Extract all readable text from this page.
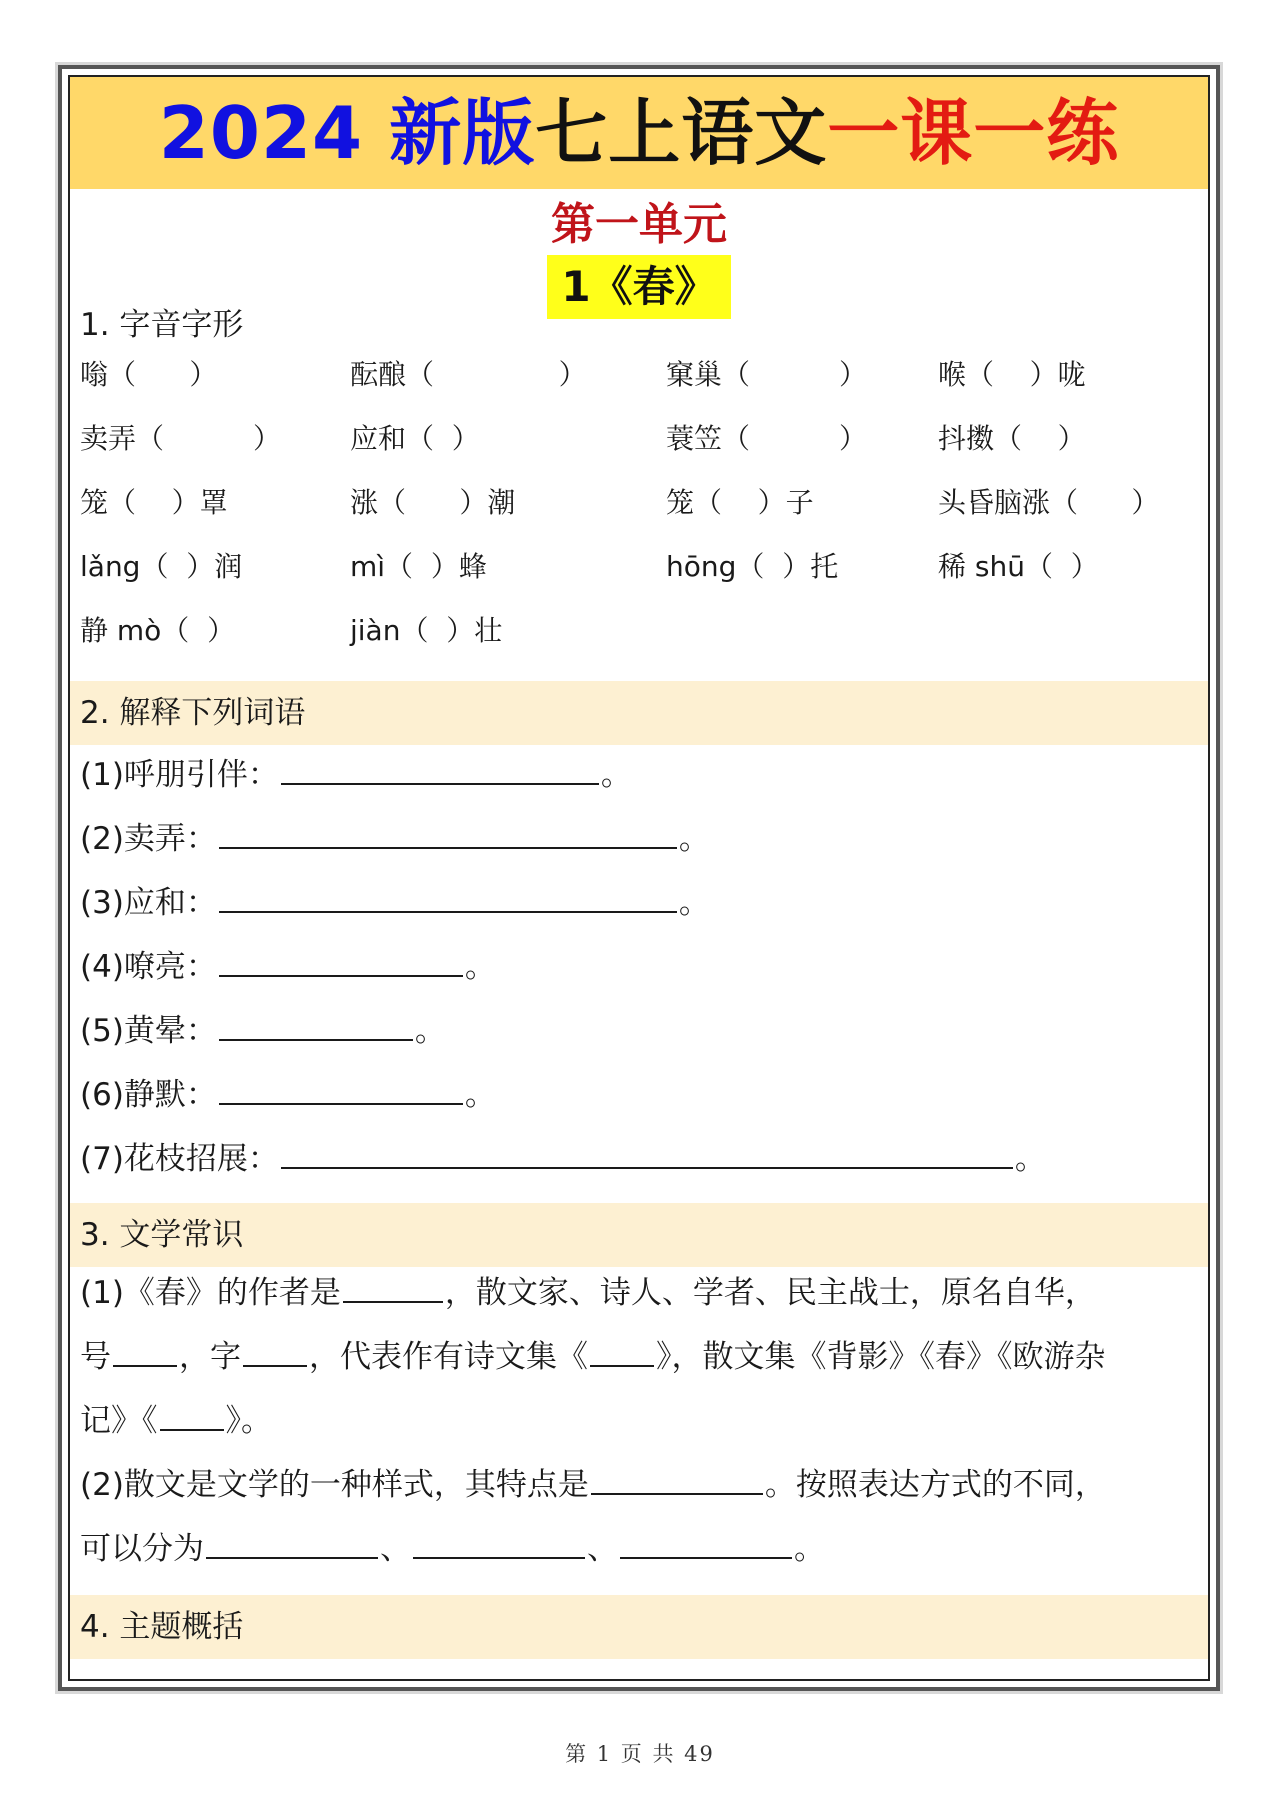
2024 新版七上语文一课一练
第一单元
1《春》
1. 字音字形
嗡（      ）	酝酿（              ）	窠巢（          ）	喉（    ）咙
卖弄（          ） 应和（  ）	蓑笠（          ）	抖擞（    ）
笼（    ）罩	涨（      ）潮	笼（    ）子	头昏脑涨（      ）
lǎng（  ）润	mì（  ）蜂	hōng（  ）托	稀 shū（  ）
静 mò（  ）	jiàn（  ）壮
2. 解释下列词语
(1)呼朋引伴：	。
(2)卖弄：	。
(3)应和：	。
(4)嘹亮：	。
(5)黄晕：	。
(6)静默：	。
(7)花枝招展：	。
3. 文学常识
(1)《春》的作者是	，散文家、诗人、学者、民主战士，原名自华，
号 ，字 ，代表作有诗文集《 》，散文集《背影》《春》《欧游杂
记》《 》。
(2)散文是文学的一种样式，其特点是	。按照表达方式的不同，
可以分为	、	、	。
4. 主题概括
第 1 页 共 49
